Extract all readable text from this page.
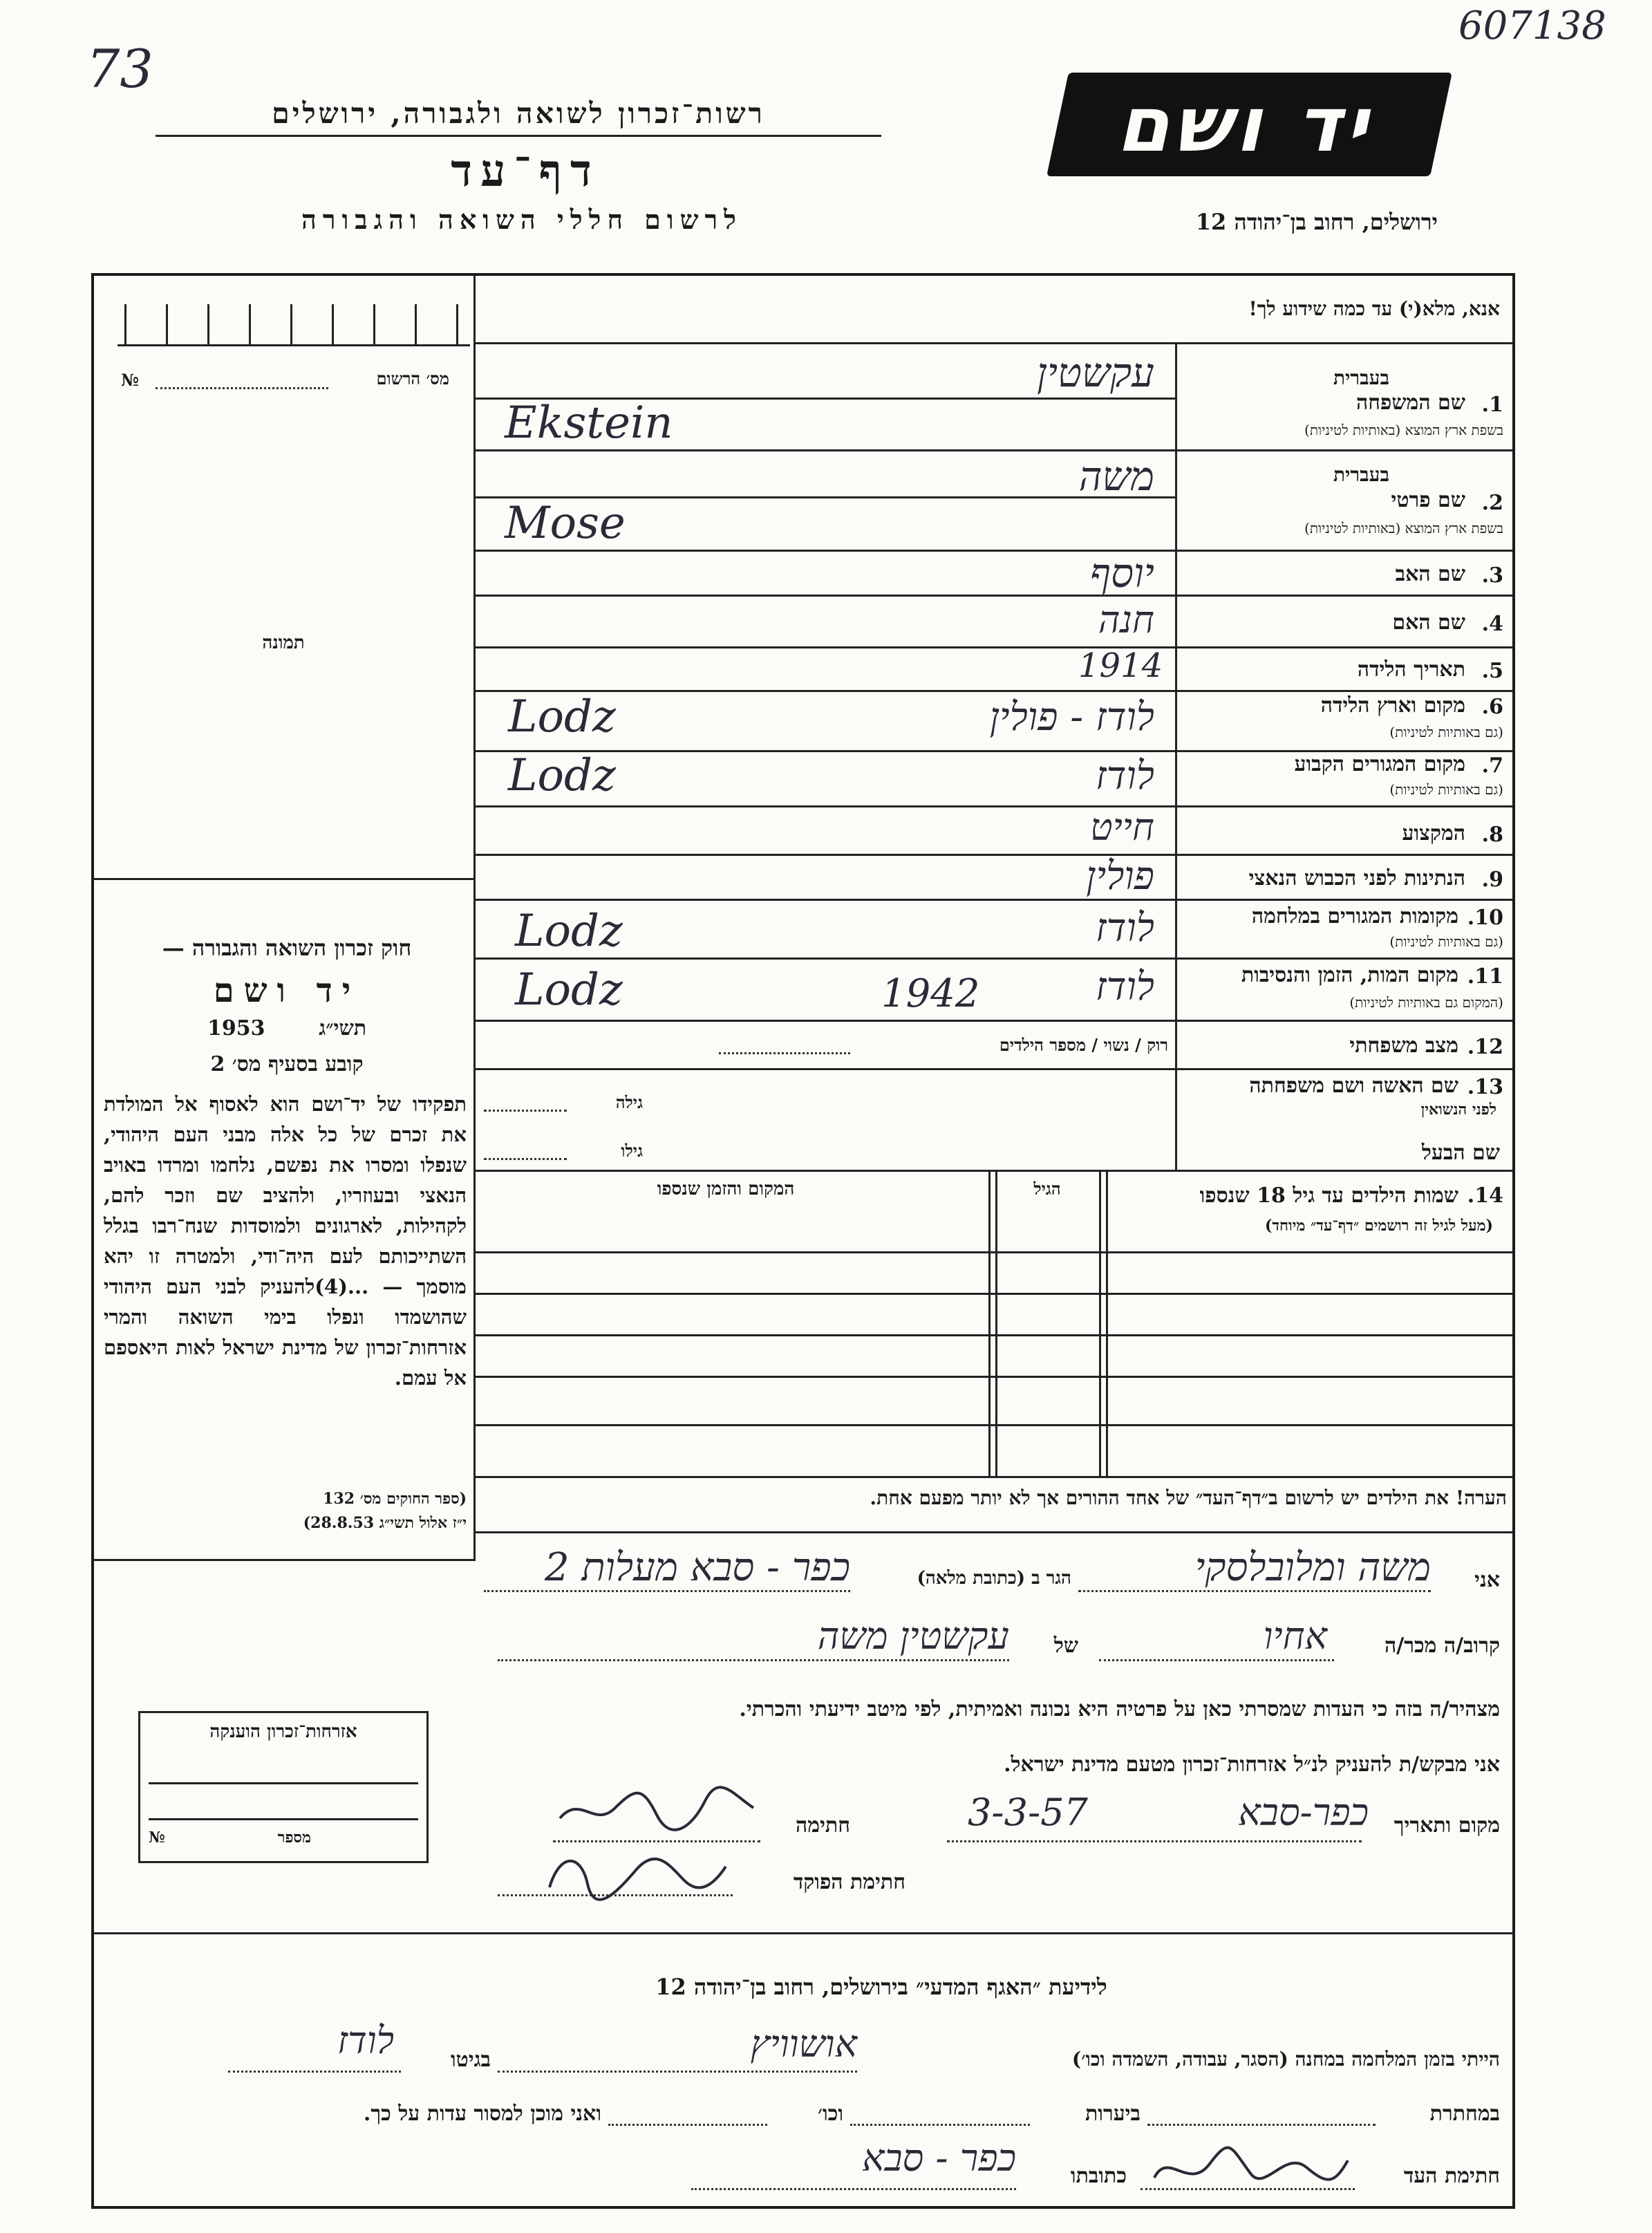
73
607138
רשות־זכרון לשואה ולגבורה, ירושלים
דף־עד
לרשום חללי השואה והגבורה
יד ושם
ירושלים, רחוב בן־יהודה 12
מס׳ הרשום
№
תמונה
חוק זכרון השואה והגבורה —
יד ושם
תשי״ג
1953
קובע בסעיף מס׳ 2
תפקידו של יד־ושם הוא לאסוף אל המולדת את זכרם של כל אלה מבני העם היהודי, שנפלו ומסרו את נפשם, נלחמו ומרדו באויב הנאצי ובעוזריו, ולהציב שם וזכר להם, לקהילות, לארגונים ולמוסדות שנח־רבו בגלל השתייכותם לעם היה־ודי, ולמטרה זו יהא מוסמך — ...(4)להעניק לבני העם היהודי שהושמדו ונפלו בימי השואה והמרי אזרחות־זכרון של מדינת ישראל לאות היאספם אל עמם.
(ספר החוקים מס׳ 132
י״ז אלול תשי״ג 28.8.53)
אנא, מלא(י) עד כמה שידוע לך!
בעברית
1.
שם המשפחה
בשפת ארץ המוצא (באותיות לטיניות)
עקשטין
Ekstein
בעברית
2.
שם פרטי
בשפת ארץ המוצא (באותיות לטיניות)
משה
Mose
3.
שם האב
יוסף
4.
שם האם
חנה
5.
תאריך הלידה
1914
6.
מקום וארץ הלידה
(גם באותיות לטיניות)
לודז - פולין
Lodz
7.
מקום המגורים הקבוע
(גם באותיות לטיניות)
לודז
Lodz
8.
המקצוע
חייט
9.
הנתינות לפני הכבוש הנאצי
פולין
10.
מקומות המגורים במלחמה
(גם באותיות לטיניות)
לודז
Lodz
11.
מקום המות, הזמן והנסיבות
(המקום גם באותיות לטיניות)
לודז
1942
Lodz
12.
מצב משפחתי
רוק / נשוי / מספר הילדים
13.
שם האשה ושם משפחתה
לפני הנשואין
גילה
שם הבעל
גילו
14.
שמות הילדים עד גיל 18 שנספו
(מעל לגיל זה רושמים ״דף־עד״ מיוחד)
הגיל
המקום והזמן שנספו
הערה! את הילדים יש לרשום ב״דף־העד״ של אחד ההורים אך לא יותר מפעם אחת.
אני
משה ומלובלסקי
הגר ב (כתובת מלאה)
כפר - סבא מעלות 2
קרוב/ה מכר/ה
אחיו
של
עקשטין משה
מצהיר/ה בזה כי העדות שמסרתי כאן על פרטיה היא נכונה ואמיתית, לפי מיטב ידיעתי והכרתי.
אני מבקש/ת להעניק לנ״ל אזרחות־זכרון מטעם מדינת ישראל.
אזרחות־זכרון הוענקה
מספר
№	מקום ותאריך
כפר-סבא
3-3-57
חתימה
חתימת הפוקד
לידיעת ״האגף המדעי״ בירושלים, רחוב בן־יהודה 12
הייתי בזמן המלחמה במחנה (הסגר, עבודה, השמדה וכו׳)
אושוויץ
בגיטו
לודז
במחתרת
ביערות
וכו׳
ואני מוכן למסור עדות על כך.
חתימת העד
כתובתו
כפר - סבא
